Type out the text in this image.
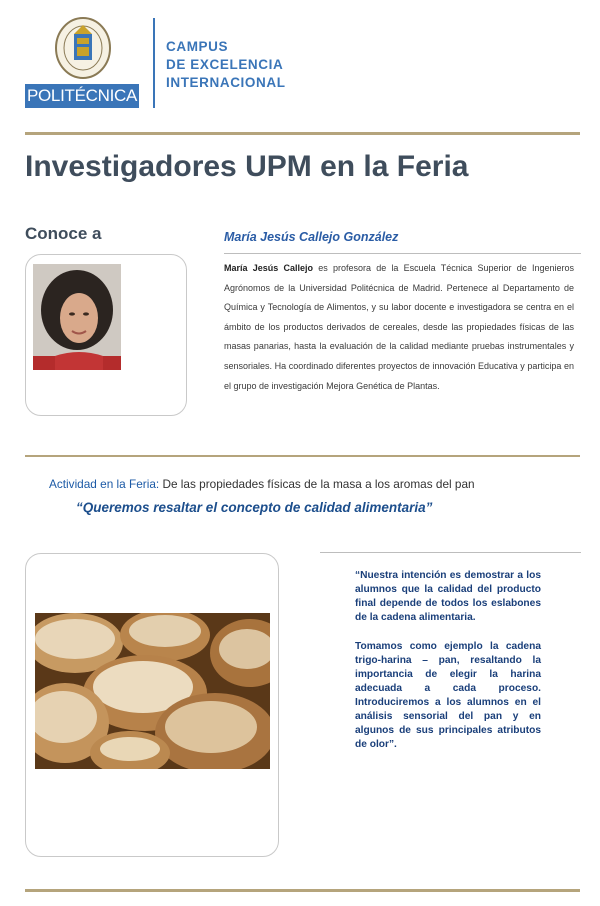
POLITÉCNICA
CAMPUS
DE EXCELENCIA
INTERNACIONAL
Investigadores UPM en la Feria
Conoce a	María Jesús Callejo González
María Jesús Callejo es profesora de la Escuela Técnica Superior de Ingenieros Agrónomos de la Universidad Politécnica de Madrid. Pertenece al Departamento de Química y Tecnología de Alimentos, y su labor docente e investigadora se centra en el ámbito de los productos derivados de cereales, desde las propiedades físicas de las masas panarias, hasta la evaluación de la calidad mediante pruebas instrumentales y sensoriales. Ha coordinado diferentes proyectos de innovación Educativa y participa en el grupo de investigación Mejora Genética de Plantas.
Actividad en la Feria: De las propiedades físicas de la masa a los aromas del pan
“Queremos resaltar el concepto de calidad alimentaria”
“Nuestra intención es demostrar a los alumnos que la calidad del producto final depende de todos los eslabones de la cadena alimentaria.
Tomamos como ejemplo la cadena trigo-harina – pan, resaltando la importancia de elegir la harina adecuada a cada proceso. Introduciremos a los alumnos en el análisis sensorial del pan y en algunos de sus principales atributos de olor”.
